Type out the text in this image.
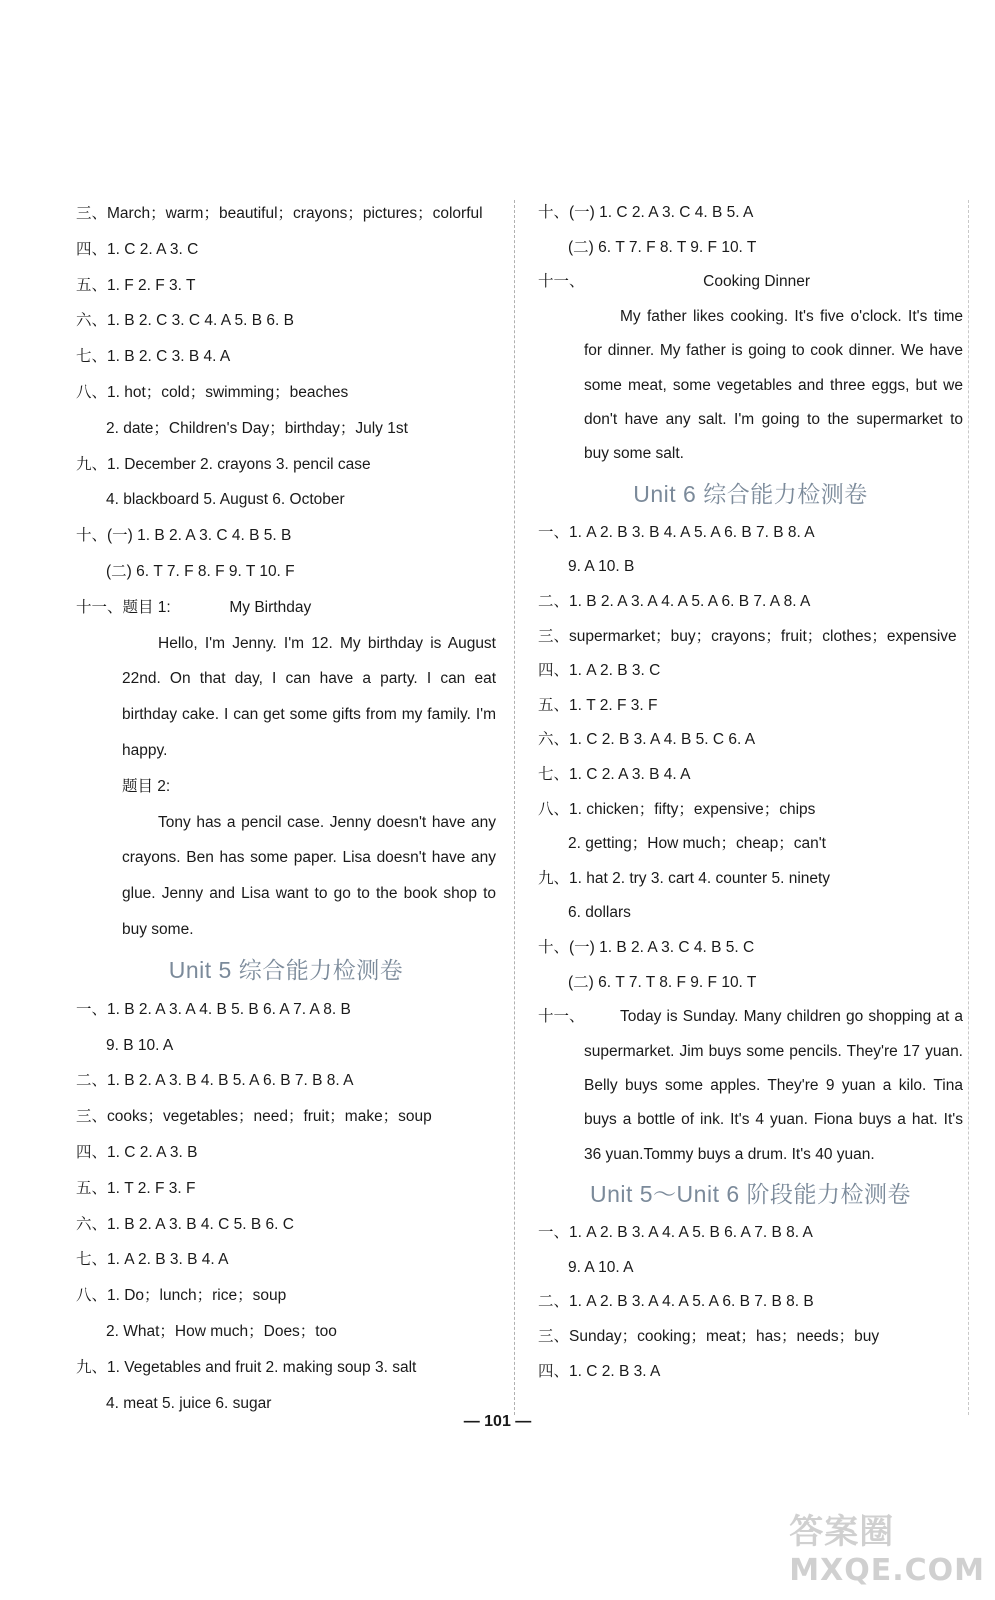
三、March；warm；beautiful；crayons；pictures；colorful
四、1. C 2. A 3. C
五、1. F 2. F 3. T
六、1. B 2. C 3. C 4. A 5. B 6. B
七、1. B 2. C 3. B 4. A
八、1. hot；cold；swimming；beaches
2. date；Children's Day；birthday；July 1st
九、1. December 2. crayons 3. pencil case
4. blackboard 5. August 6. October
十、(一) 1. B 2. A 3. C 4. B 5. B
(二) 6. T 7. F 8. F 9. T 10. F
十一、题目 1:	My Birthday
Hello, I'm Jenny. I'm 12. My birthday is August 22nd. On that day, I can have a party. I can eat birthday cake. I can get some gifts from my family. I'm happy.
题目 2:
Tony has a pencil case. Jenny doesn't have any crayons. Ben has some paper. Lisa doesn't have any glue. Jenny and Lisa want to go to the book shop to buy some.
Unit 5 综合能力检测卷
一、1. B 2. A 3. A 4. B 5. B 6. A 7. A 8. B
9. B 10. A
二、1. B 2. A 3. B 4. B 5. A 6. B 7. B 8. A
三、cooks；vegetables；need；fruit；make；soup
四、1. C 2. A 3. B
五、1. T 2. F 3. F
六、1. B 2. A 3. B 4. C 5. B 6. C
七、1. A 2. B 3. B 4. A
八、1. Do；lunch；rice；soup
2. What；How much；Does；too
九、1. Vegetables and fruit 2. making soup 3. salt
4. meat 5. juice 6. sugar
十、(一) 1. C 2. A 3. C 4. B 5. A
(二) 6. T 7. F 8. T 9. F 10. T
十一、	Cooking Dinner
My father likes cooking. It's five o'clock. It's time for dinner. My father is going to cook dinner. We have some meat, some vegetables and three eggs, but we don't have any salt. I'm going to the supermarket to buy some salt.
Unit 6 综合能力检测卷
一、1. A 2. B 3. B 4. A 5. A 6. B 7. B 8. A
9. A 10. B
二、1. B 2. A 3. A 4. A 5. A 6. B 7. A 8. A
三、supermarket；buy；crayons；fruit；clothes；expensive
四、1. A 2. B 3. C
五、1. T 2. F 3. F
六、1. C 2. B 3. A 4. B 5. C 6. A
七、1. C 2. A 3. B 4. A
八、1. chicken；fifty；expensive；chips
2. getting；How much；cheap；can't
九、1. hat 2. try 3. cart 4. counter 5. ninety
6. dollars
十、(一) 1. B 2. A 3. C 4. B 5. C
(二) 6. T 7. T 8. F 9. F 10. T
十一、	Today is Sunday. Many children go shopping at a supermarket. Jim buys some pencils. They're 17 yuan. Belly buys some apples. They're 9 yuan a kilo. Tina buys a bottle of ink. It's 4 yuan. Fiona buys a hat. It's 36 yuan.Tommy buys a drum. It's 40 yuan.
Unit 5～Unit 6 阶段能力检测卷
一、1. A 2. B 3. A 4. A 5. B 6. A 7. B 8. A
9. A 10. A
二、1. A 2. B 3. A 4. A 5. A 6. B 7. B 8. B
三、Sunday；cooking；meat；has；needs；buy
四、1. C 2. B 3. A
— 101 —
答案圈
MXQE.COM
